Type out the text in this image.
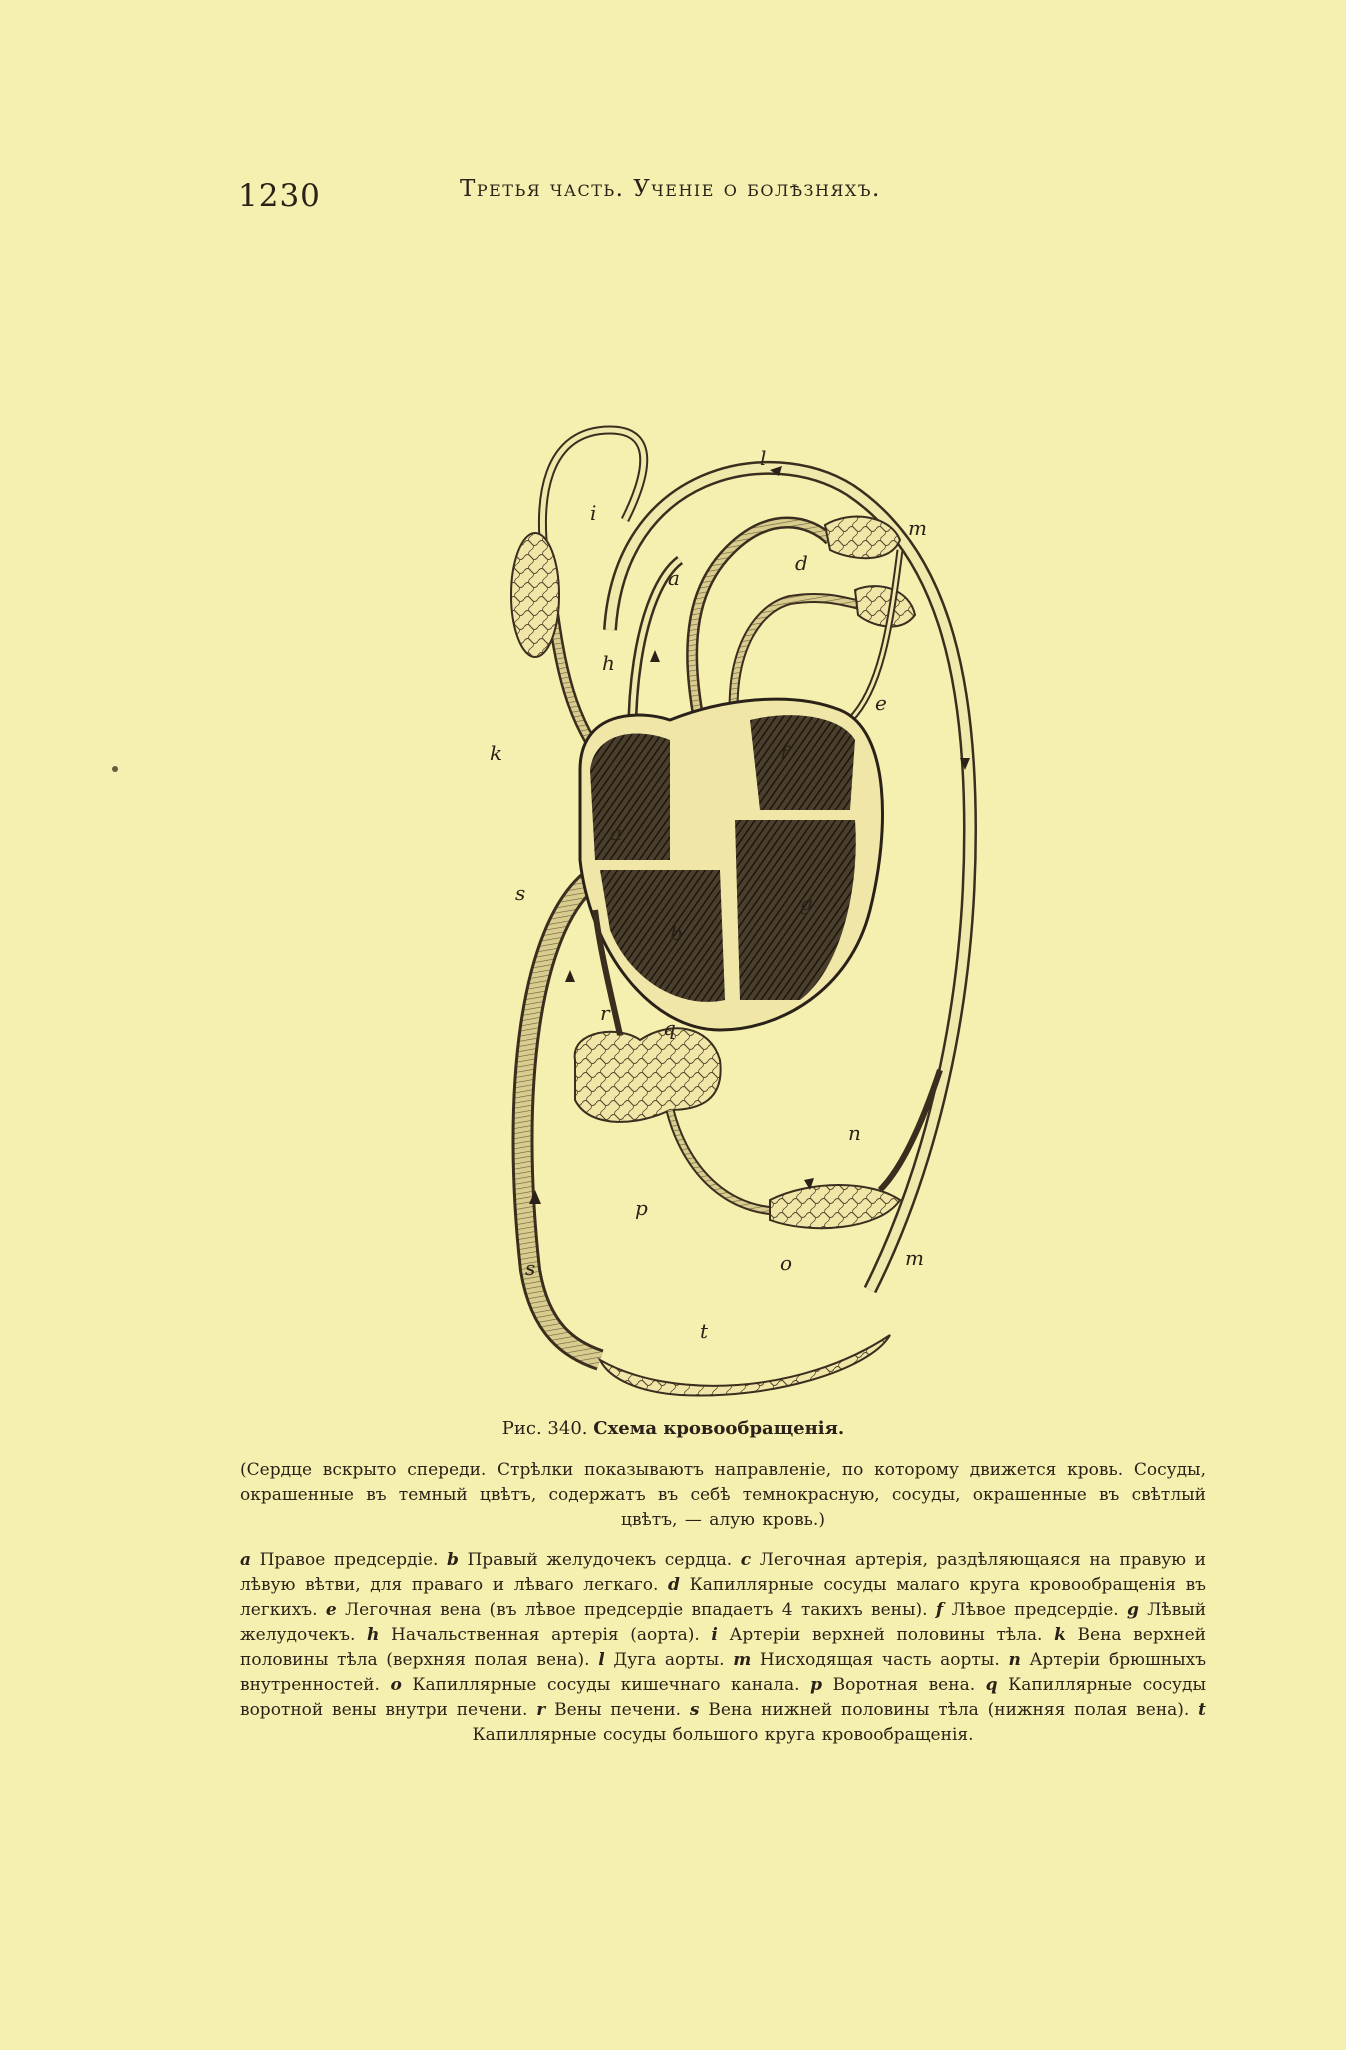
1230	Третья часть. Ученіе о болѣзняхъ.
i
l
m
d
a
h
e
k	f
a
g
b
s
r
q
n
p
o	m
s
t
Рис. 340. Схема кровообращенія.
(Сердце вскрыто спереди. Стрѣлки показываютъ направленіе, по которому движется кровь. Сосуды, окрашенные въ темный цвѣтъ, содержатъ въ себѣ темнокрасную, сосуды, окрашенные въ свѣтлый цвѣтъ, — алую кровь.)
a Правое предсердіе. b Правый желудочекъ сердца. c Легочная артерія, раздѣляющаяся на правую и лѣвую вѣтви, для праваго и лѣваго легкаго. d Капиллярные сосуды малаго круга кровообращенія въ легкихъ. e Легочная вена (въ лѣвое предсердіе впадаетъ 4 такихъ вены). f Лѣвое предсердіе. g Лѣвый желудочекъ. h Начальственная артерія (аорта). i Артеріи верхней половины тѣла. k Вена верхней половины тѣла (верхняя полая вена). l Дуга аорты. m Нисходящая часть аорты. n Артеріи брюшныхъ внутренностей. o Капиллярные сосуды кишечнаго канала. p Воротная вена. q Капиллярные сосуды воротной вены внутри печени. r Вены печени. s Вена нижней половины тѣла (нижняя полая вена). t Капиллярные сосуды большого круга кровообращенія.
